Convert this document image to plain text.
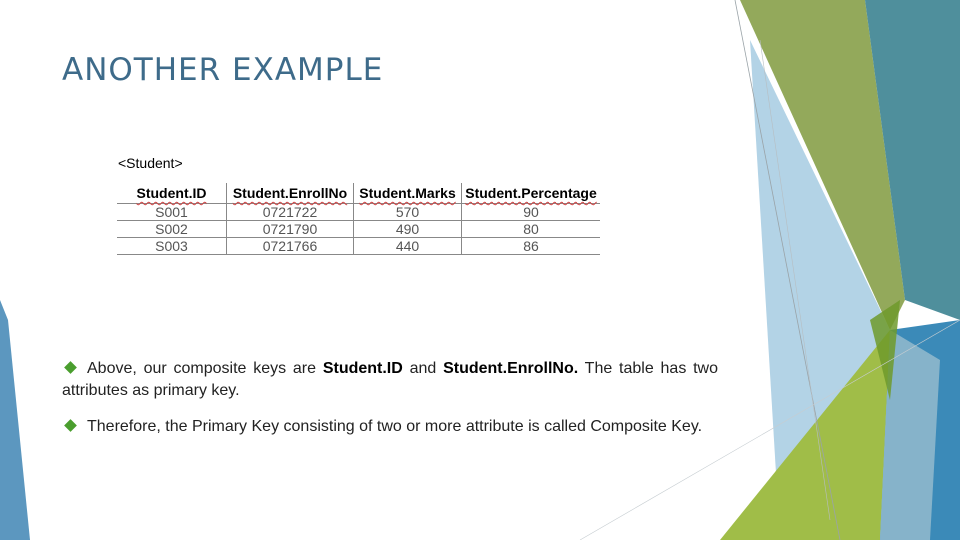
ANOTHER EXAMPLE
<Student>
Student.ID	Student.EnrollNo	Student.Marks	Student.Percentage
S001	0721722	570	90
S002	0721790	490	80
S003	0721766	440	86

Above, our composite keys are Student.ID and Student.EnrollNo. The table has two attributes as primary key.

Therefore, the Primary Key consisting of two or more attribute is called Composite Key.
